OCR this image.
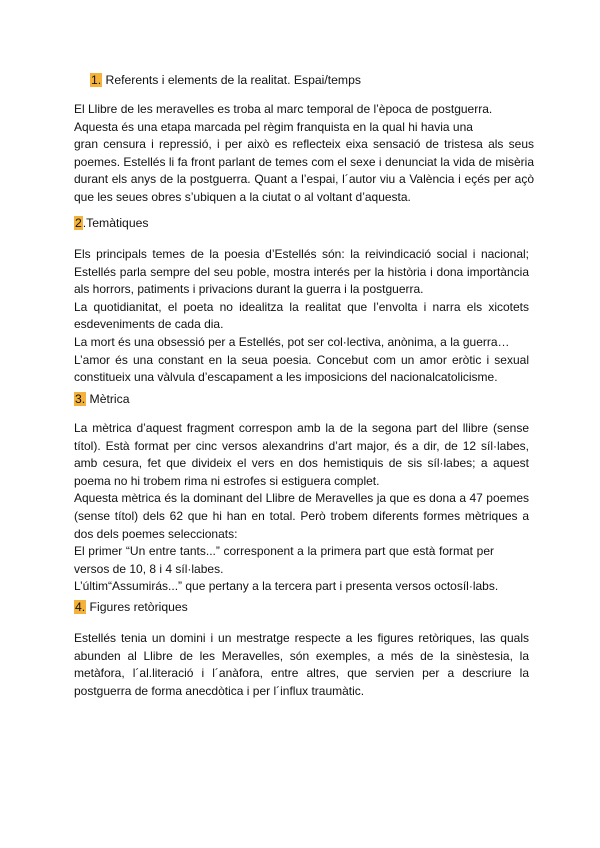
1. Referents i elements de la realitat. Espai/temps

El Llibre de les meravelles es troba al marc temporal de l’època de postguerra.

Aquesta és una etapa marcada pel règim franquista en la qual hi havia una

gran censura i repressió, i per això es reflecteix eixa sensació de tristesa als seus poemes. Estellés li fa front parlant de temes com el sexe i denunciat la vida de misèria durant els anys de la postguerra. Quant a l’espai, l´autor viu a València i eçés per açò que les seues obres s’ubiquen a la ciutat o al voltant d’aquesta.

2.Temàtiques

Els principals temes de la poesia d’Estellés són: la reivindicació social i nacional; Estellés parla sempre del seu poble, mostra interés per la història i dona importància als horrors, patiments i privacions durant la guerra i la postguerra.

La quotidianitat, el poeta no idealitza la realitat que l’envolta i narra els xicotets esdeveniments de cada dia.

La mort és una obsessió per a Estellés, pot ser col·lectiva, anònima, a la guerra…

L’amor és una constant en la seua poesia. Concebut com un amor eròtic i sexual constitueix una vàlvula d’escapament a les imposicions del nacionalcatolicisme.

3. Mètrica

La mètrica d’aquest fragment correspon amb la de la segona part del llibre (sense títol). Està format per cinc versos alexandrins d’art major, és a dir, de 12 síl·labes, amb cesura, fet que divideix el vers en dos hemistiquis de sis síl·labes; a aquest poema no hi trobem rima ni estrofes si estiguera complet.

Aquesta mètrica és la dominant del Llibre de Meravelles ja que es dona a 47 poemes (sense títol) dels 62 que hi han en total. Però trobem diferents formes mètriques a dos dels poemes seleccionats:

El primer “Un entre tants...” corresponent a la primera part que està format per versos de 10, 8 i 4 síl·labes.

L’últim“Assumirás...” que pertany a la tercera part i presenta versos octosíl·labs.

4. Figures retòriques

Estellés tenia un domini i un mestratge respecte a les figures retòriques, las quals abunden al Llibre de les Meravelles, són exemples, a més de la sinèstesia, la metàfora, l´al.literació i l´anàfora, entre altres, que servien per a descriure la postguerra de forma anecdòtica i per l´influx traumàtic.
